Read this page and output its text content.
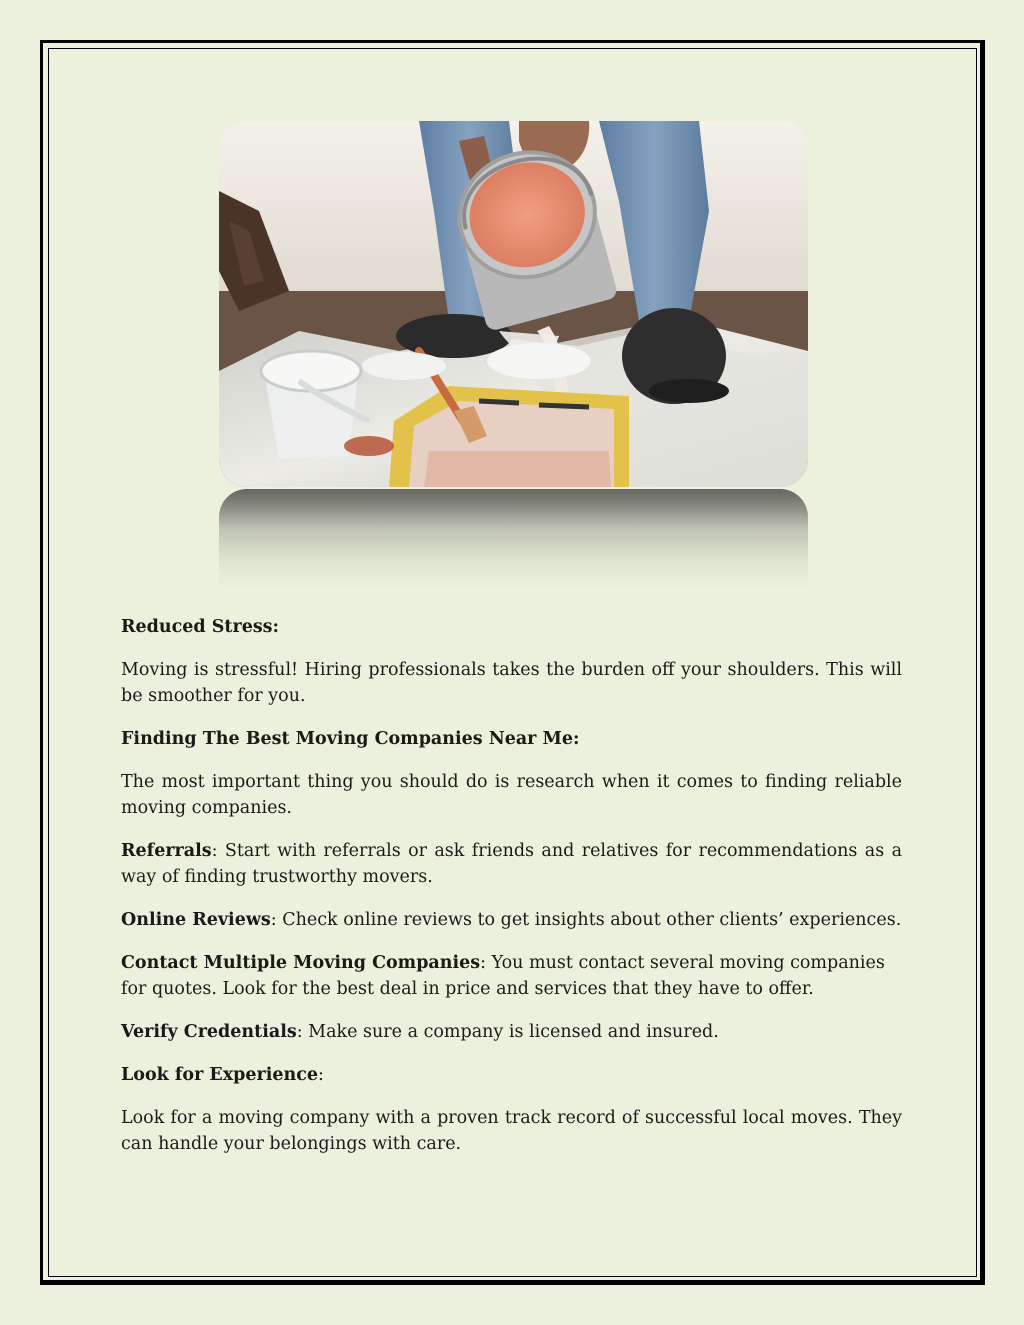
Reduced Stress:

Moving is stressful! Hiring professionals takes the burden off your shoulders. This will be smoother for you.

Finding The Best Moving Companies Near Me:

The most important thing you should do is research when it comes to finding reliable moving companies.

Referrals: Start with referrals or ask friends and relatives for recommendations as a way of finding trustworthy movers.

Online Reviews: Check online reviews to get insights about other clients’ experiences.

Contact Multiple Moving Companies: You must contact several moving companies for quotes. Look for the best deal in price and services that they have to offer.

Verify Credentials: Make sure a company is licensed and insured.

Look for Experience:

Look for a moving company with a proven track record of successful local moves. They can handle your belongings with care.
